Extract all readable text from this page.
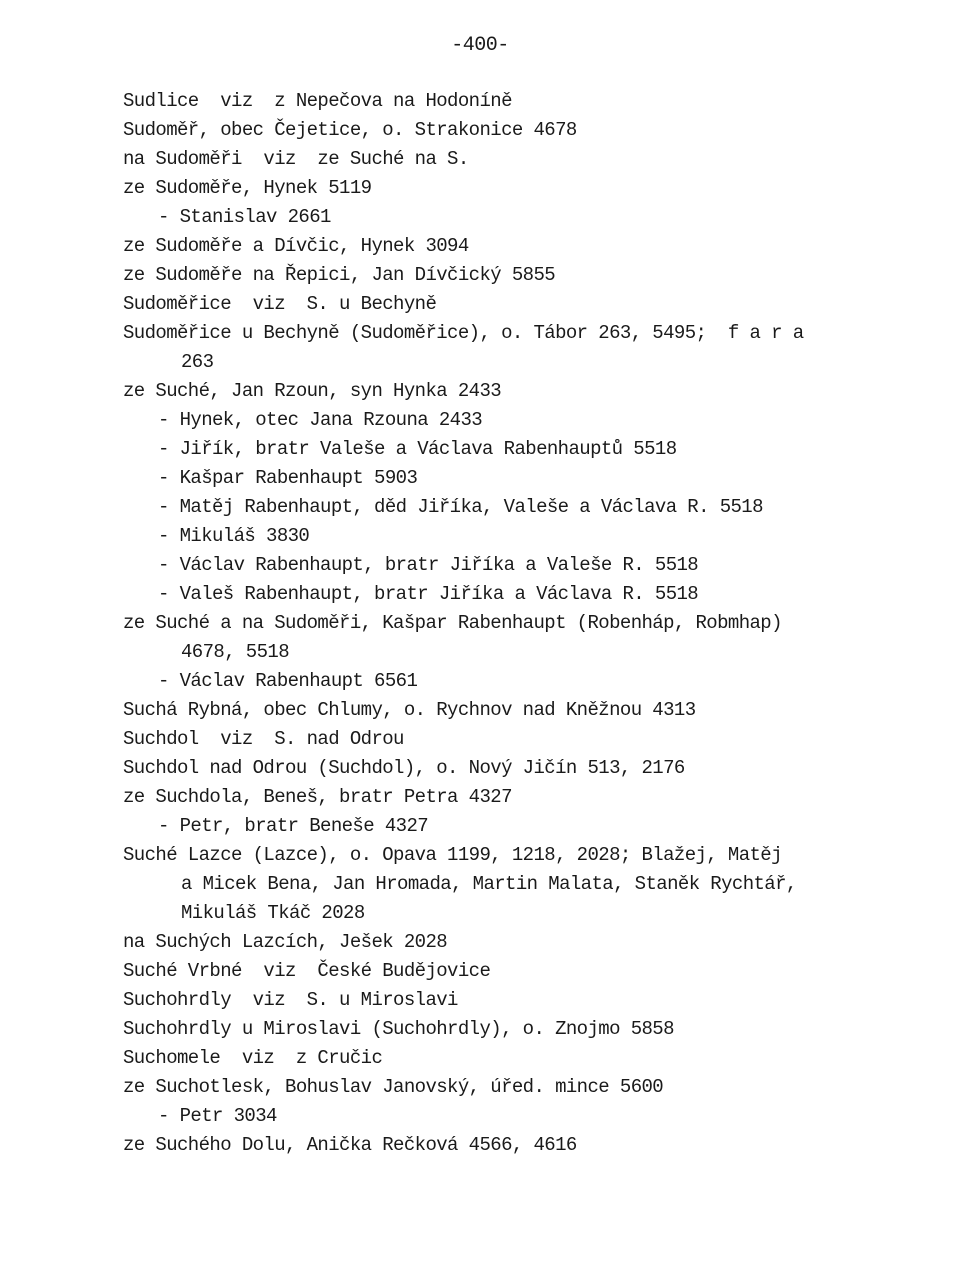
-400-
Sudlice  viz  z Nepečova na Hodoníně
Sudoměř, obec Čejetice, o. Strakonice 4678
na Sudoměři  viz  ze Suché na S.
ze Sudoměře, Hynek 5119
- Stanislav 2661
ze Sudoměře a Dívčic, Hynek 3094
ze Sudoměře na Řepici, Jan Dívčický 5855
Sudoměřice  viz  S. u Bechyně
Sudoměřice u Bechyně (Sudoměřice), o. Tábor 263, 5495;  f a r a
263
ze Suché, Jan Rzoun, syn Hynka 2433
- Hynek, otec Jana Rzouna 2433
- Jiřík, bratr Valeše a Václava Rabenhauptů 5518
- Kašpar Rabenhaupt 5903
- Matěj Rabenhaupt, děd Jiříka, Valeše a Václava R. 5518
- Mikuláš 3830
- Václav Rabenhaupt, bratr Jiříka a Valeše R. 5518
- Valeš Rabenhaupt, bratr Jiříka a Václava R. 5518
ze Suché a na Sudoměři, Kašpar Rabenhaupt (Robenháp, Robmhap)
4678, 5518
- Václav Rabenhaupt 6561
Suchá Rybná, obec Chlumy, o. Rychnov nad Kněžnou 4313
Suchdol  viz  S. nad Odrou
Suchdol nad Odrou (Suchdol), o. Nový Jičín 513, 2176
ze Suchdola, Beneš, bratr Petra 4327
- Petr, bratr Beneše 4327
Suché Lazce (Lazce), o. Opava 1199, 1218, 2028; Blažej, Matěj
a Micek Bena, Jan Hromada, Martin Malata, Staněk Rychtář,
Mikuláš Tkáč 2028
na Suchých Lazcích, Ješek 2028
Suché Vrbné  viz  České Budějovice
Suchohrdly  viz  S. u Miroslavi
Suchohrdly u Miroslavi (Suchohrdly), o. Znojmo 5858
Suchomele  viz  z Cručic
ze Suchotlesk, Bohuslav Janovský, úřed. mince 5600
- Petr 3034
ze Suchého Dolu, Anička Rečková 4566, 4616
